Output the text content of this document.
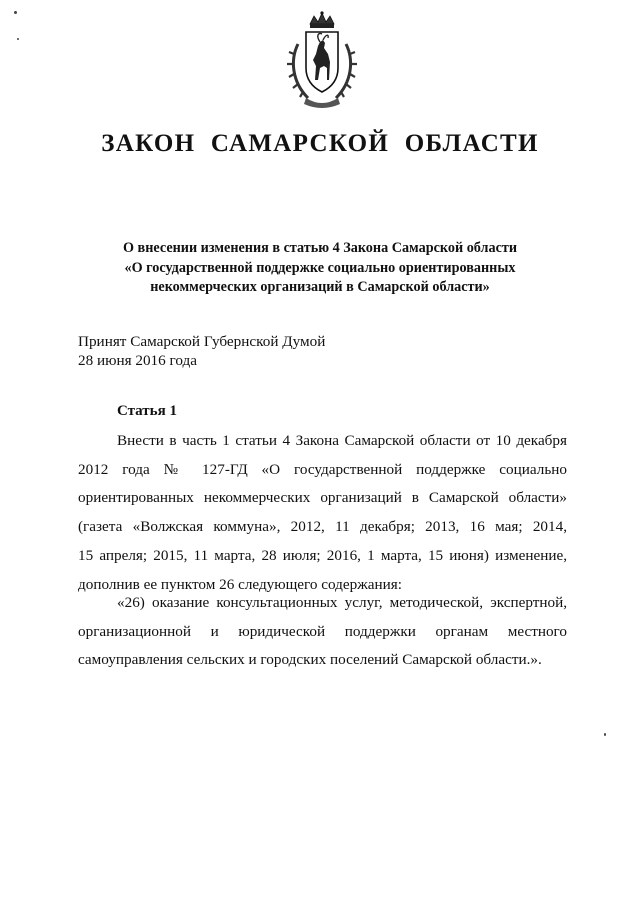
ЗАКОН САМАРСКОЙ ОБЛАСТИ
О внесении изменения в статью 4 Закона Самарской области
«О государственной поддержке социально ориентированных
некоммерческих организаций в Самарской области»
Принят Самарской Губернской Думой
28 июня 2016 года
Статья 1
Внести в часть 1 статьи 4 Закона Самарской области от 10 декабря
2012 года № 127-ГД «О государственной поддержке социально
ориентированных некоммерческих организаций в Самарской области»
(газета «Волжская коммуна», 2012, 11 декабря; 2013, 16 мая; 2014,
15 апреля; 2015, 11 марта, 28 июля; 2016, 1 марта, 15 июня) изменение,
дополнив ее пунктом 26 следующего содержания:
«26) оказание консультационных услуг, методической, экспертной,
организационной и юридической поддержки органам местного
самоуправления сельских и городских поселений Самарской области.».
